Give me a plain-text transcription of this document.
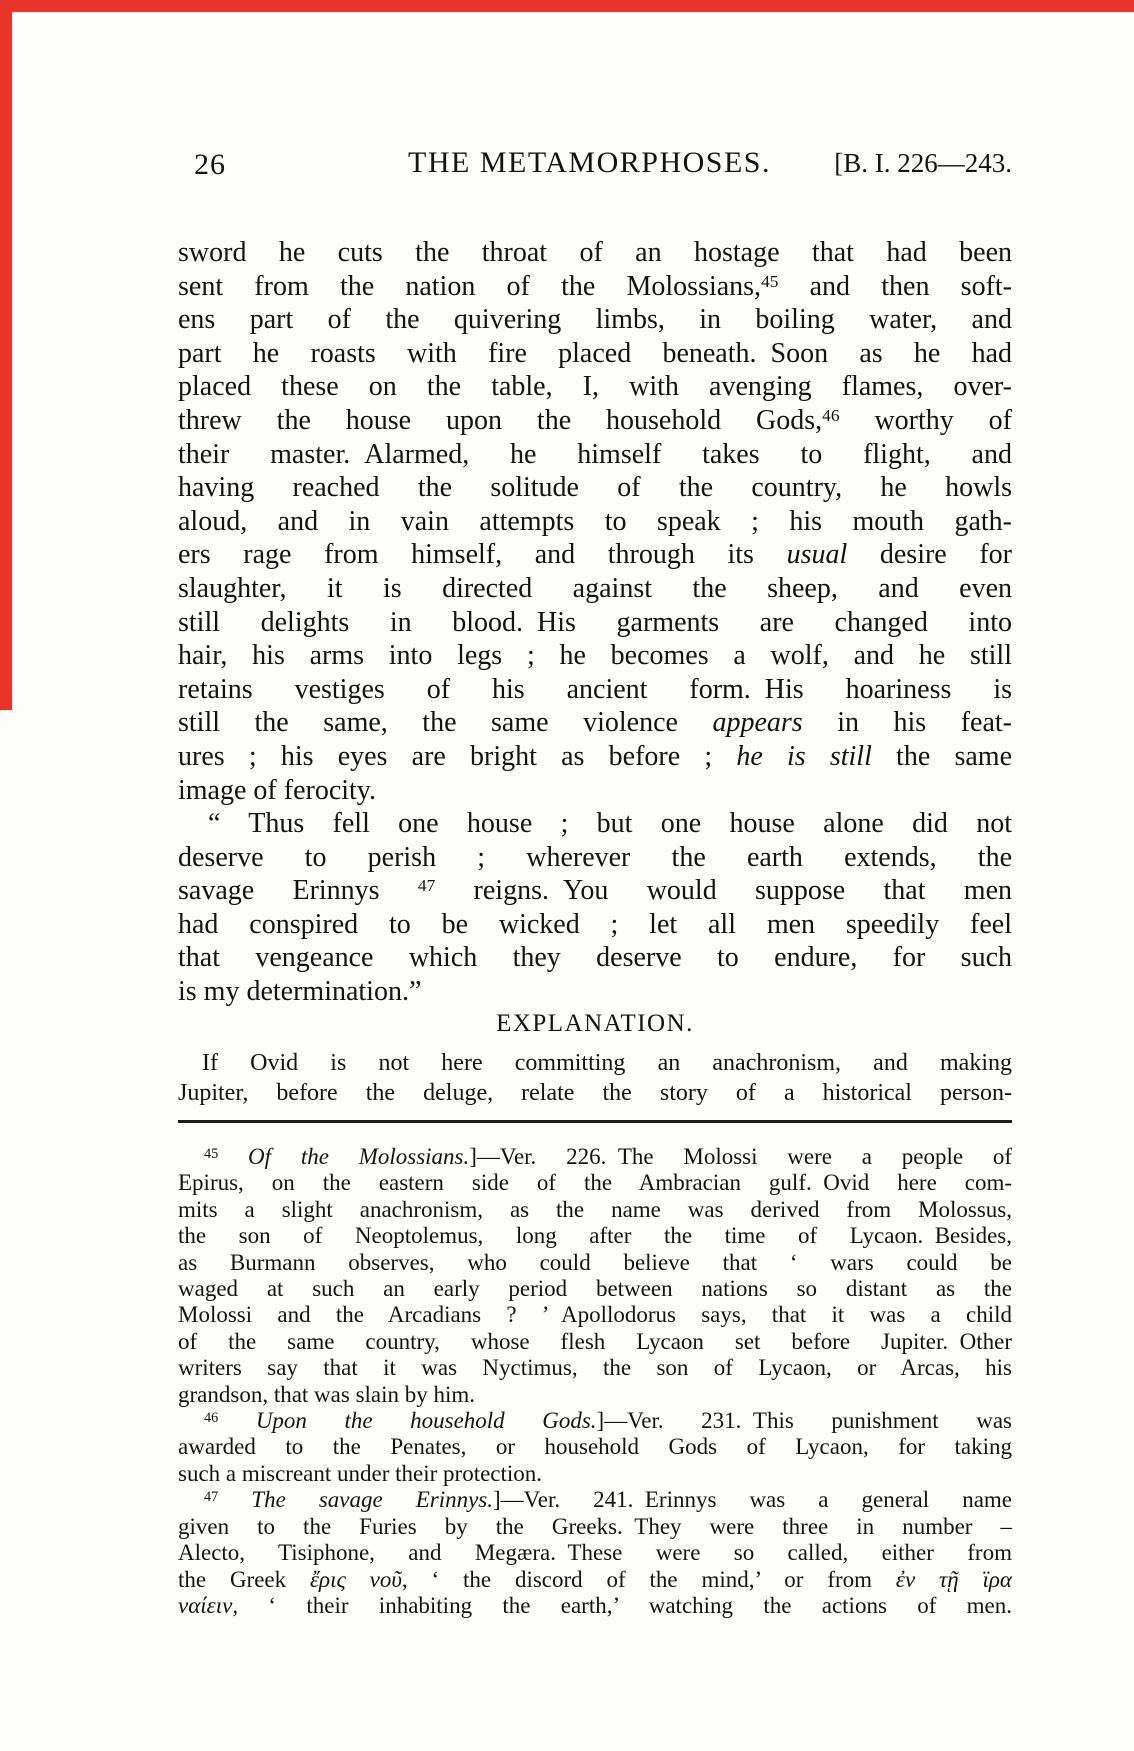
26	THE METAMORPHOSES. [B. I. 226—243.
sword he cuts the throat of an hostage that had been
sent from the nation of the Molossians,$^{45}$ and then soft-
ens part of the quivering limbs, in boiling water, and
part he roasts with fire placed beneath. Soon as he had
placed these on the table, I, with avenging flames, over-
threw the house upon the household Gods,$^{46}$ worthy of
their master. Alarmed, he himself takes to flight, and
having reached the solitude of the country, he howls
aloud, and in vain attempts to speak ; his mouth gath-
ers rage from himself, and through its usual desire for
slaughter, it is directed against the sheep, and even
still delights in blood. His garments are changed into
hair, his arms into legs ; he becomes a wolf, and he still
retains vestiges of his ancient form. His hoariness is
still the same, the same violence appears in his feat-
ures ; his eyes are bright as before ; he is still the same
image of ferocity.
“ Thus fell one house ; but one house alone did not
deserve to perish ; wherever the earth extends, the
savage Erinnys $^{47}$ reigns. You would suppose that men
had conspired to be wicked ; let all men speedily feel
that vengeance which they deserve to endure, for such
is my determination.”
EXPLANATION.
If Ovid is not here committing an anachronism, and making
Jupiter, before the deluge, relate the story of a historical person-
$^{45}$ Of the Molossians.]—Ver. 226. The Molossi were a people of
Epirus, on the eastern side of the Ambracian gulf. Ovid here com-
mits a slight anachronism, as the name was derived from Molossus,
the son of Neoptolemus, long after the time of Lycaon. Besides,
as Burmann observes, who could believe that ‘ wars could be
waged at such an early period between nations so distant as the
Molossi and the Arcadians ? ’ Apollodorus says, that it was a child
of the same country, whose flesh Lycaon set before Jupiter. Other
writers say that it was Nyctimus, the son of Lycaon, or Arcas, his
grandson, that was slain by him.
$^{46}$ Upon the household Gods.]—Ver. 231. This punishment was
awarded to the Penates, or household Gods of Lycaon, for taking
such a miscreant under their protection.
$^{47}$ The savage Erinnys.]—Ver. 241. Erinnys was a general name
given to the Furies by the Greeks. They were three in number –
Alecto, Tisiphone, and Megæra. These were so called, either from
the Greek ἔρις νοῦ, ‘ the discord of the mind,’ or from ἐν τῇ ϊρα
ναίειν, ‘ their inhabiting the earth,’ watching the actions of men.
